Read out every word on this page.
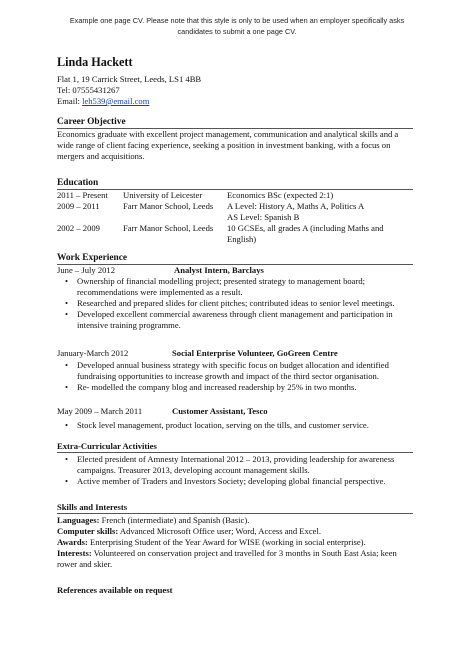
Example one page CV. Please note that this style is only to be used when an employer specifically asks
candidates to submit a one page CV.
Linda Hackett
Flat 1, 19 Carrick Street, Leeds, LS1 4BB
Tel: 07555431267
Email: leh539@email.com
Career Objective
Economics graduate with excellent project management, communication and analytical skills and a
wide range of client facing experience, seeking a position in investment banking, with a focus on
mergers and acquisitions.
Education
2011 – Present	University of Leicester	Economics BSc (expected 2:1)
2009 – 2011	Farr Manor School, Leeds	A Level: History A, Maths A, Politics A
AS Level: Spanish B
2002 – 2009	Farr Manor School, Leeds	10 GCSEs, all grades A (including Maths and
English)
Work Experience
June – July 2012	Analyst Intern, Barclays
• Ownership of financial modelling project; presented strategy to management board;
recommendations were implemented as a result.
• Researched and prepared slides for client pitches; contributed ideas to senior level meetings.
• Developed excellent commercial awareness through client management and participation in
intensive training programme.
January-March 2012	Social Enterprise Volunteer, GoGreen Centre
• Developed annual business strategy with specific focus on budget allocation and identified
fundraising opportunities to increase growth and impact of the third sector organisation.
• Re- modelled the company blog and increased readership by 25% in two months.
May 2009 – March 2011	Customer Assistant, Tesco
• Stock level management, product location, serving on the tills, and customer service.
Extra-Curricular Activities
• Elected president of Amnesty International 2012 – 2013, providing leadership for awareness
campaigns. Treasurer 2013, developing account management skills.
• Active member of Traders and Investors Society; developing global financial perspective.
Skills and Interests
Languages: French (intermediate) and Spanish (Basic).
Computer skills: Advanced Microsoft Office user; Word, Access and Excel.
Awards: Enterprising Student of the Year Award for WISE (working in social enterprise).
Interests: Volunteered on conservation project and travelled for 3 months in South East Asia; keen
rower and skier.
References available on request
